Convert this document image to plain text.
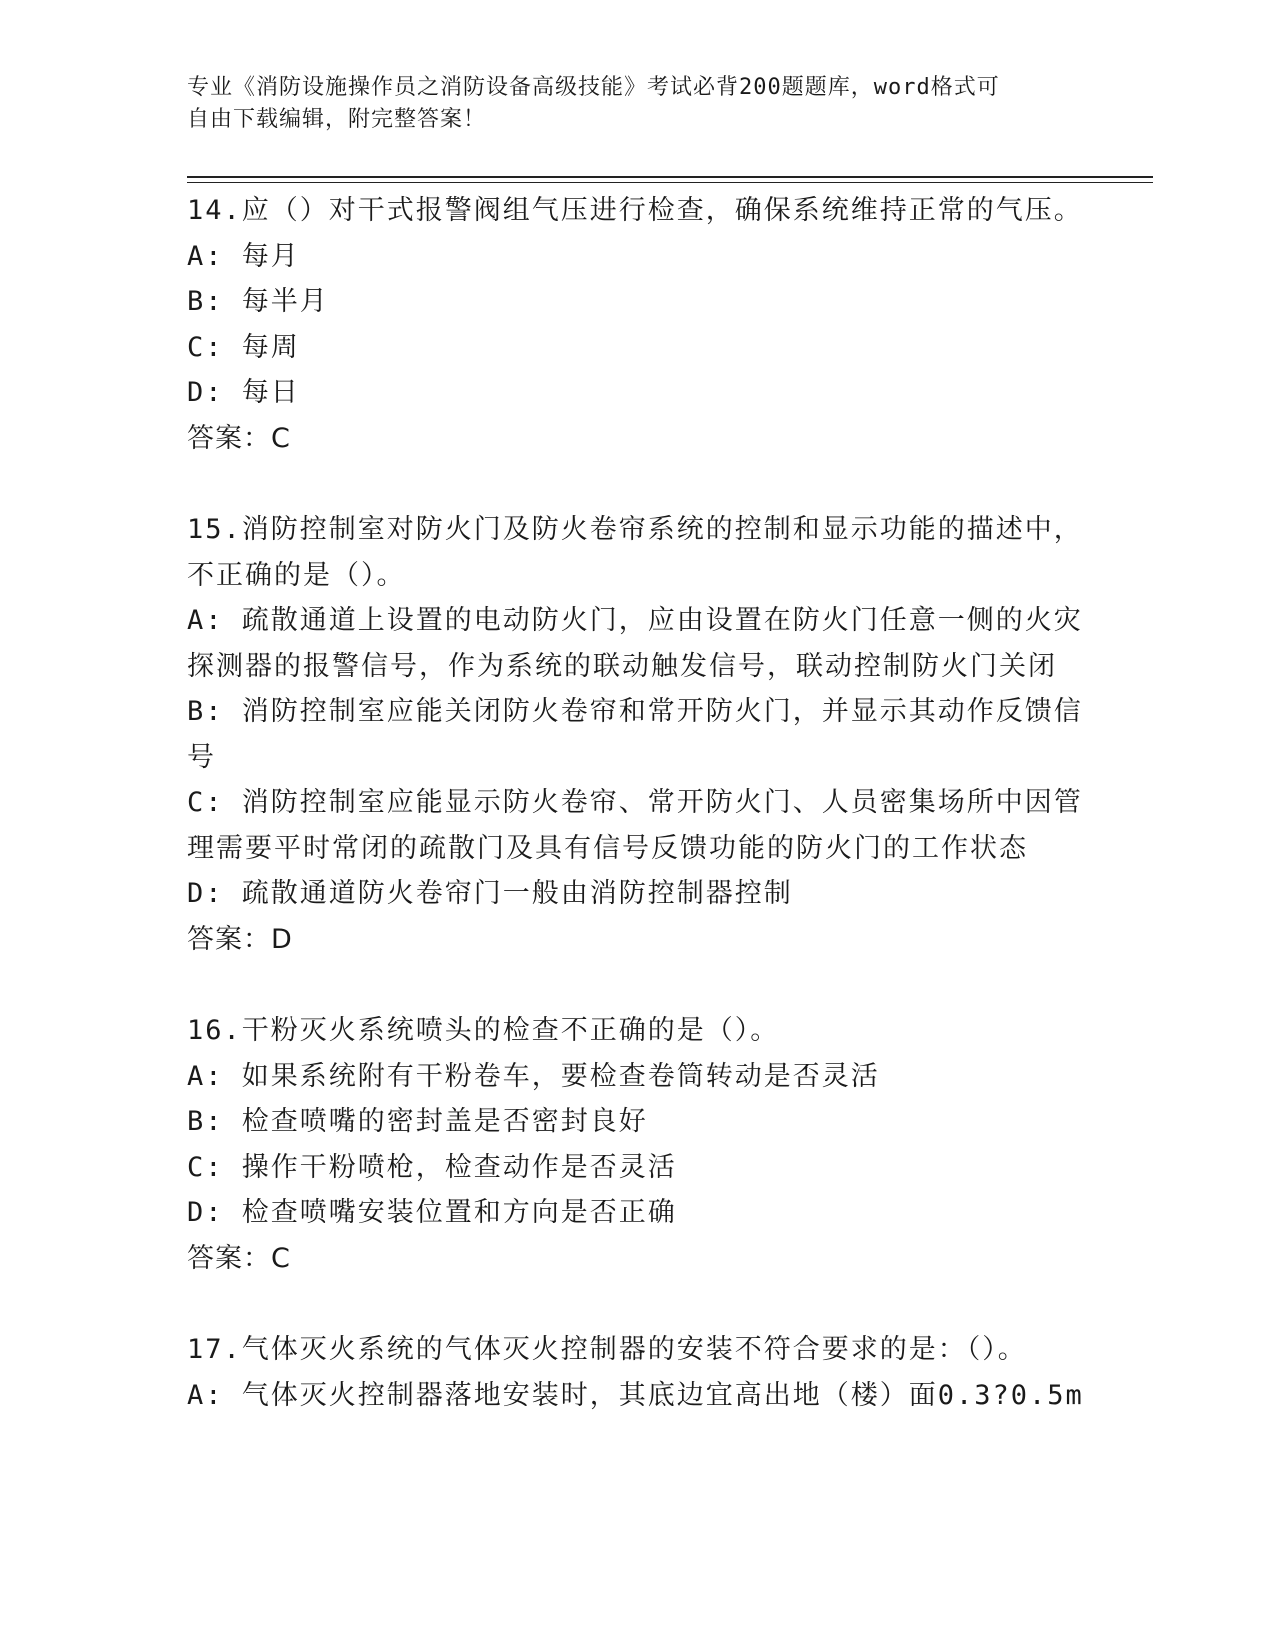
专业《消防设施操作员之消防设备高级技能》考试必背200题题库，word格式可
自由下载编辑，附完整答案！
14.应（）对干式报警阀组气压进行检查，确保系统维持正常的气压。
A: 每月
B: 每半月
C: 每周
D: 每日
答案：C
15.消防控制室对防火门及防火卷帘系统的控制和显示功能的描述中，
不正确的是（）。
A: 疏散通道上设置的电动防火门，应由设置在防火门任意一侧的火灾
探测器的报警信号，作为系统的联动触发信号，联动控制防火门关闭
B: 消防控制室应能关闭防火卷帘和常开防火门，并显示其动作反馈信
号
C: 消防控制室应能显示防火卷帘、常开防火门、人员密集场所中因管
理需要平时常闭的疏散门及具有信号反馈功能的防火门的工作状态
D: 疏散通道防火卷帘门一般由消防控制器控制
答案：D
16.干粉灭火系统喷头的检查不正确的是（）。
A: 如果系统附有干粉卷车，要检查卷筒转动是否灵活
B: 检查喷嘴的密封盖是否密封良好
C: 操作干粉喷枪，检查动作是否灵活
D: 检查喷嘴安装位置和方向是否正确
答案：C
17.气体灭火系统的气体灭火控制器的安装不符合要求的是：（）。
A: 气体灭火控制器落地安装时，其底边宜高出地（楼）面0.3?0.5m
